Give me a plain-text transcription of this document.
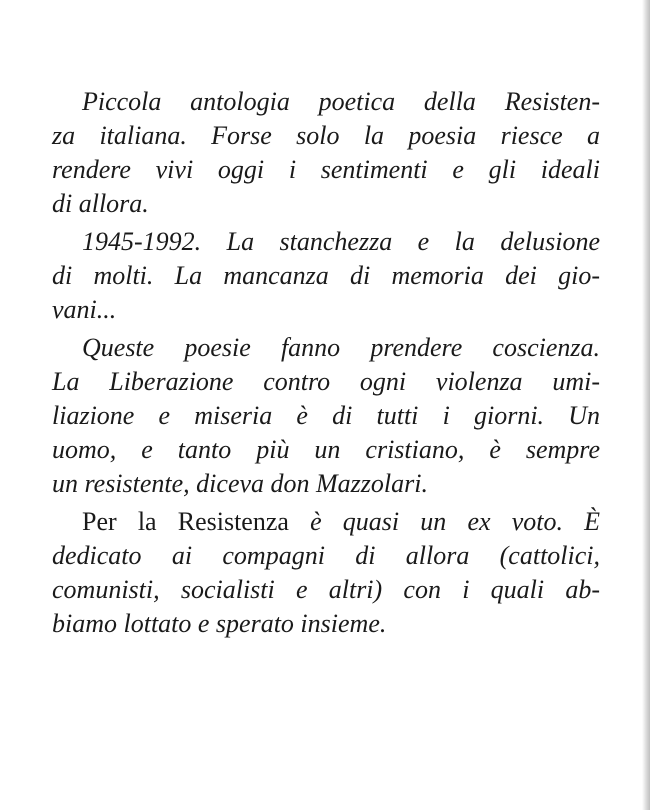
Piccola antologia poetica della Resisten-
za italiana. Forse solo la poesia riesce a
rendere vivi oggi i sentimenti e gli ideali
di allora.

1945-1992. La stanchezza e la delusione
di molti. La mancanza di memoria dei gio-
vani...

Queste poesie fanno prendere coscienza.
La Liberazione contro ogni violenza umi-
liazione e miseria è di tutti i giorni. Un
uomo, e tanto più un cristiano, è sempre
un resistente, diceva don Mazzolari.

Per la Resistenza è quasi un ex voto. È
dedicato ai compagni di allora (cattolici,
comunisti, socialisti e altri) con i quali ab-
biamo lottato e sperato insieme.
